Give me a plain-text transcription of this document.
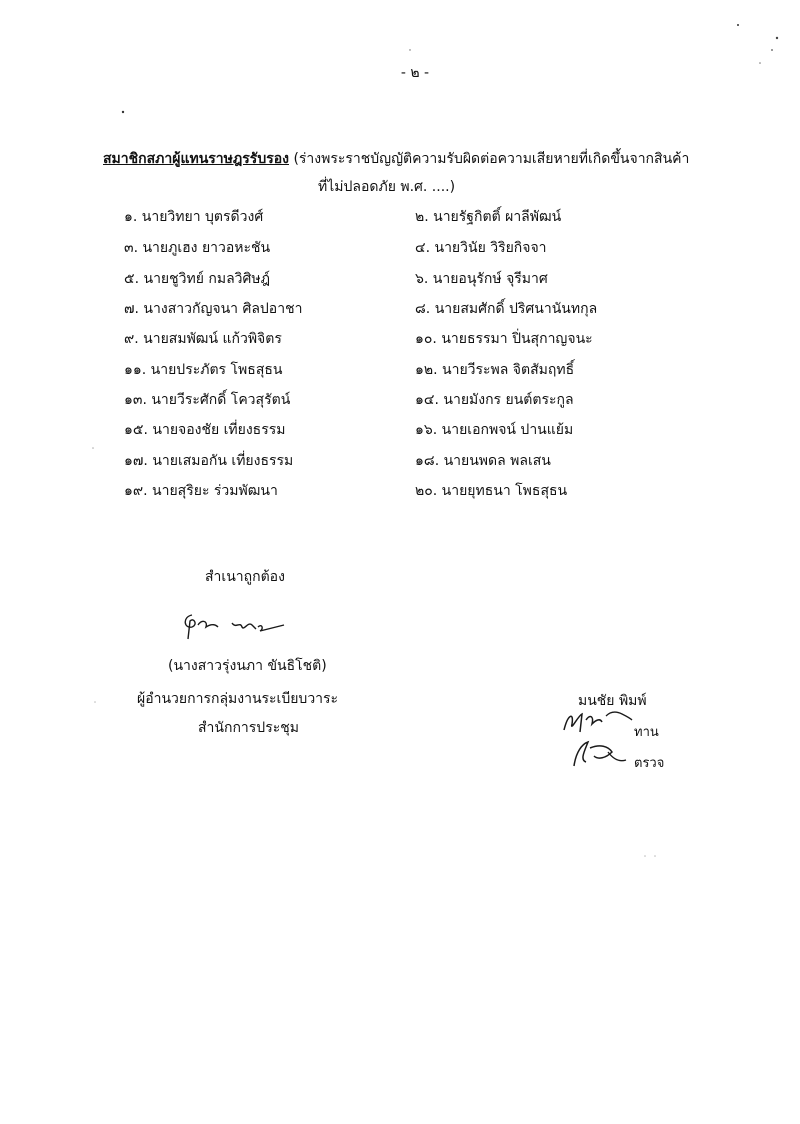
- ๒ -
สมาชิกสภาผู้แทนราษฎรรับรอง (ร่างพระราชบัญญัติความรับผิดต่อความเสียหายที่เกิดขึ้นจากสินค้า
ที่ไม่ปลอดภัย พ.ศ. ....)
๑. นายวิทยา บุตรดีวงศ์
๓. นายภูเฮง ยาวอหะชัน
๕. นายชูวิทย์ กมลวิศิษฎ์
๗. นางสาวกัญจนา ศิลปอาชา
๙. นายสมพัฒน์ แก้วพิจิตร
๑๑. นายประภัตร โพธสุธน
๑๓. นายวีระศักดิ์ โควสุรัตน์
๑๕. นายจองชัย เที่ยงธรรม
๑๗. นายเสมอกัน เที่ยงธรรม
๑๙. นายสุริยะ ร่วมพัฒนา
๒. นายรัฐกิตติ์ ผาลีพัฒน์
๔. นายวินัย วิริยกิจจา
๖. นายอนุรักษ์ จุรีมาศ
๘. นายสมศักดิ์ ปริศนานันทกุล
๑๐. นายธรรมา ปิ่นสุกาญจนะ
๑๒. นายวีระพล จิตสัมฤทธิ์
๑๔. นายมังกร ยนต์ตระกูล
๑๖. นายเอกพจน์ ปานแย้ม
๑๘. นายนพดล พลเสน
๒๐. นายยุทธนา โพธสุธน
สำเนาถูกต้อง
(นางสาวรุ่งนภา ขันธิโชติ)
ผู้อำนวยการกลุ่มงานระเบียบวาระ
สำนักการประชุม
มนชัย พิมพ์
ทาน
ตรวจ
